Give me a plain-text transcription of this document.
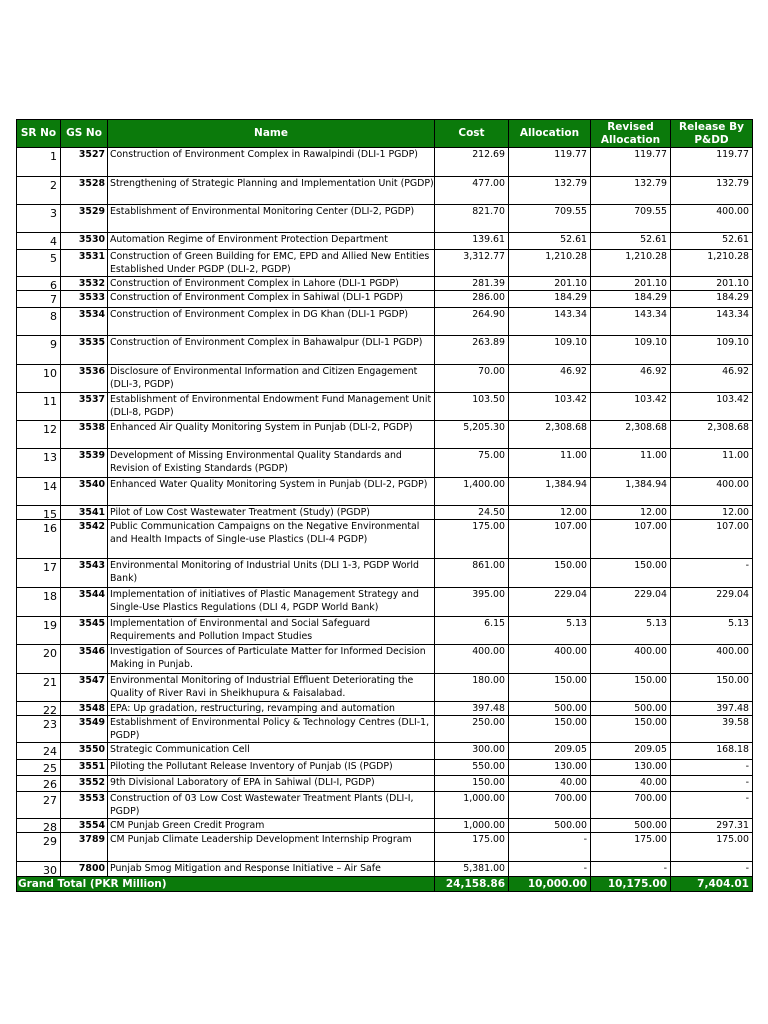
SR No	GS No	Name	Cost	Allocation	Revised Allocation	Release By P&DD

1	3527	Construction of Environment Complex in Rawalpindi (DLI-1 PGDP)	212.69	119.77	119.77	119.77

2	3528	Strengthening of Strategic Planning and Implementation Unit (PGDP)	477.00	132.79	132.79	132.79

3	3529	Establishment of Environmental Monitoring Center (DLI-2, PGDP)	821.70	709.55	709.55	400.00

4	3530	Automation Regime of Environment Protection Department	139.61	52.61	52.61	52.61

5	3531	Construction of Green Building for EMC, EPD and Allied New Entities Established Under PGDP (DLI-2, PGDP)	3,312.77	1,210.28	1,210.28	1,210.28

6	3532	Construction of Environment Complex in Lahore (DLI-1 PGDP)	281.39	201.10	201.10	201.10

7	3533	Construction of Environment Complex in Sahiwal (DLI-1 PGDP)	286.00	184.29	184.29	184.29

8	3534	Construction of Environment Complex in DG Khan (DLI-1 PGDP)	264.90	143.34	143.34	143.34

9	3535	Construction of Environment Complex in Bahawalpur (DLI-1 PGDP)	263.89	109.10	109.10	109.10

10	3536	Disclosure of Environmental Information and Citizen Engagement (DLI-3, PGDP)	70.00	46.92	46.92	46.92

11	3537	Establishment of Environmental Endowment Fund Management Unit (DLI-8, PGDP)	103.50	103.42	103.42	103.42

12	3538	Enhanced Air Quality Monitoring System in Punjab (DLI-2, PGDP)	5,205.30	2,308.68	2,308.68	2,308.68

13	3539	Development of Missing Environmental Quality Standards and Revision of Existing Standards (PGDP)	75.00	11.00	11.00	11.00

14	3540	Enhanced Water Quality Monitoring System in Punjab (DLI-2, PGDP)	1,400.00	1,384.94	1,384.94	400.00

15	3541	Pilot of Low Cost Wastewater Treatment (Study) (PGDP)	24.50	12.00	12.00	12.00

16	3542	Public Communication Campaigns on the Negative Environmental and Health Impacts of Single-use Plastics (DLI-4 PGDP)	175.00	107.00	107.00	107.00

17	3543	Environmental Monitoring of Industrial Units (DLI 1-3, PGDP World Bank)	861.00	150.00	150.00	-

18	3544	Implementation of initiatives of Plastic Management Strategy and Single-Use Plastics Regulations (DLI 4, PGDP World Bank)	395.00	229.04	229.04	229.04

19	3545	Implementation of Environmental and Social Safeguard Requirements and Pollution Impact Studies	6.15	5.13	5.13	5.13

20	3546	Investigation of Sources of Particulate Matter for Informed Decision Making in Punjab.	400.00	400.00	400.00	400.00

21	3547	Environmental Monitoring of Industrial Effluent Deteriorating the Quality of River Ravi in Sheikhupura & Faisalabad.	180.00	150.00	150.00	150.00

22	3548	EPA: Up gradation, restructuring, revamping and automation	397.48	500.00	500.00	397.48

23	3549	Establishment of Environmental Policy & Technology Centres (DLI-1, PGDP)	250.00	150.00	150.00	39.58

24	3550	Strategic Communication Cell	300.00	209.05	209.05	168.18

25	3551	Piloting the Pollutant Release Inventory of Punjab (IS (PGDP)	550.00	130.00	130.00	-

26	3552	9th Divisional Laboratory of EPA in Sahiwal (DLI-I, PGDP)	150.00	40.00	40.00	-

27	3553	Construction of 03 Low Cost Wastewater Treatment Plants (DLI-I, PGDP)	1,000.00	700.00	700.00	-

28	3554	CM Punjab Green Credit Program	1,000.00	500.00	500.00	297.31

29	3789	CM Punjab Climate Leadership Development Internship Program	175.00	-	175.00	175.00

30	7800	Punjab Smog Mitigation and Response Initiative – Air Safe	5,381.00	-	-	-

Grand Total (PKR Million)			24,158.86	10,000.00	10,175.00	7,404.01
